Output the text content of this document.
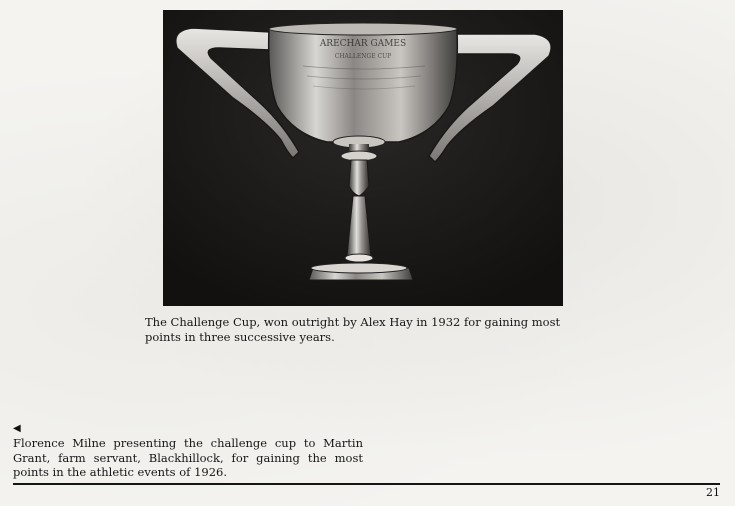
ARECHAR GAMES
CHALLENGE CUP
The Challenge Cup, won outright by Alex Hay in 1932 for gaining most points in three successive years.
◀
Florence Milne presenting the challenge cup to Martin Grant, farm servant, Blackhillock, for gaining the most points in the athletic events of 1926.
21
